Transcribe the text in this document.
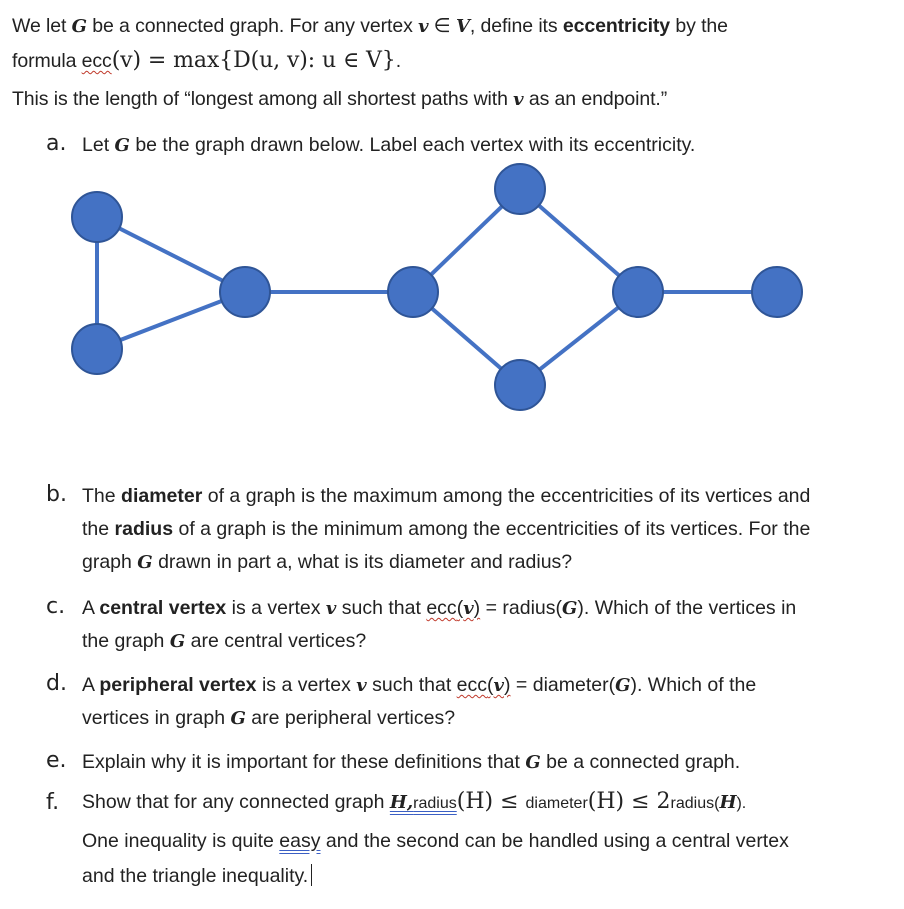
We let G be a connected graph. For any vertex v ∈ V, define its eccentricity by the
formula ecc(v) = max{D(u, v): u ∈ V}.
This is the length of “longest among all shortest paths with v as an endpoint.”
a. Let G be the graph drawn below. Label each vertex with its eccentricity.
b. The diameter of a graph is the maximum among the eccentricities of its vertices and
the radius of a graph is the minimum among the eccentricities of its vertices. For the
graph G drawn in part a, what is its diameter and radius?
c. A central vertex is a vertex v such that ecc(v) = radius(G). Which of the vertices in
the graph G are central vertices?
d. A peripheral vertex is a vertex v such that ecc(v) = diameter(G). Which of the
vertices in graph G are peripheral vertices?
e. Explain why it is important for these definitions that G be a connected graph.
f. Show that for any connected graph H,radius(H) ≤ diameter(H) ≤ 2radius(H).
One inequality is quite easy and the second can be handled using a central vertex
and the triangle inequality.
